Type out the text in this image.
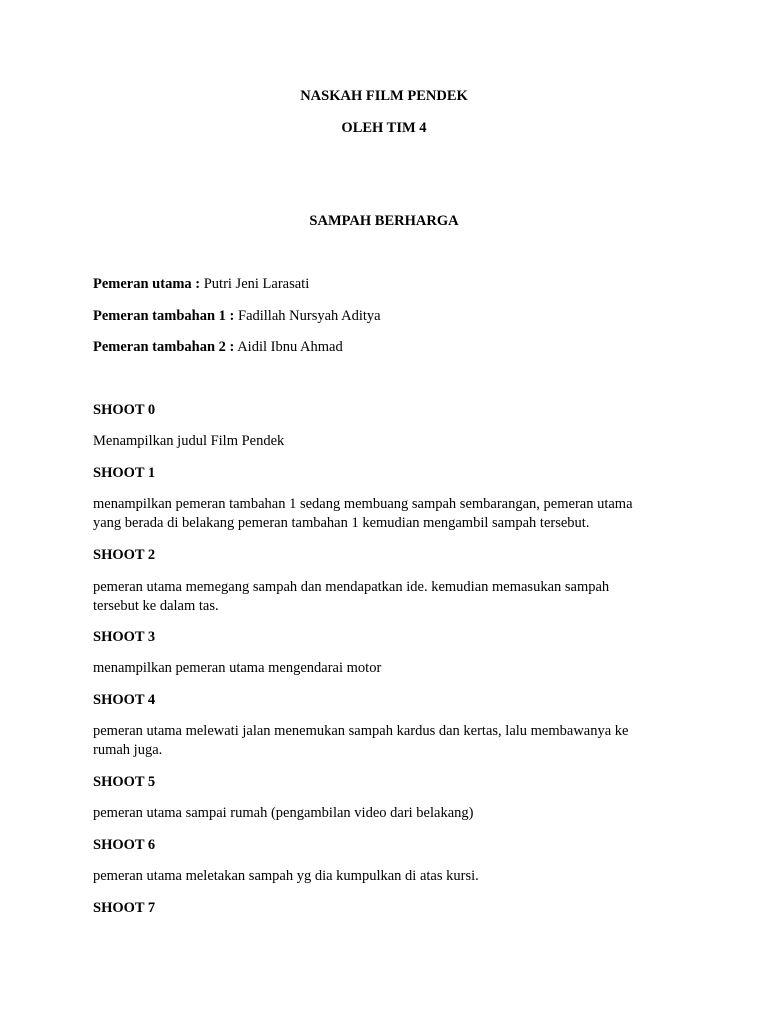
NASKAH FILM PENDEK
OLEH TIM 4
SAMPAH BERHARGA
Pemeran utama : Putri Jeni Larasati
Pemeran tambahan 1 : Fadillah Nursyah Aditya
Pemeran tambahan 2 : Aidil Ibnu Ahmad
SHOOT 0
Menampilkan judul Film Pendek
SHOOT 1
menampilkan pemeran tambahan 1 sedang membuang sampah sembarangan, pemeran utama
yang berada di belakang pemeran tambahan 1 kemudian mengambil sampah tersebut.
SHOOT 2
pemeran utama memegang sampah dan mendapatkan ide. kemudian memasukan sampah
tersebut ke dalam tas.
SHOOT 3
menampilkan pemeran utama mengendarai motor
SHOOT 4
pemeran utama melewati jalan menemukan sampah kardus dan kertas, lalu membawanya ke
rumah juga.
SHOOT 5
pemeran utama sampai rumah (pengambilan video dari belakang)
SHOOT 6
pemeran utama meletakan sampah yg dia kumpulkan di atas kursi.
SHOOT 7
